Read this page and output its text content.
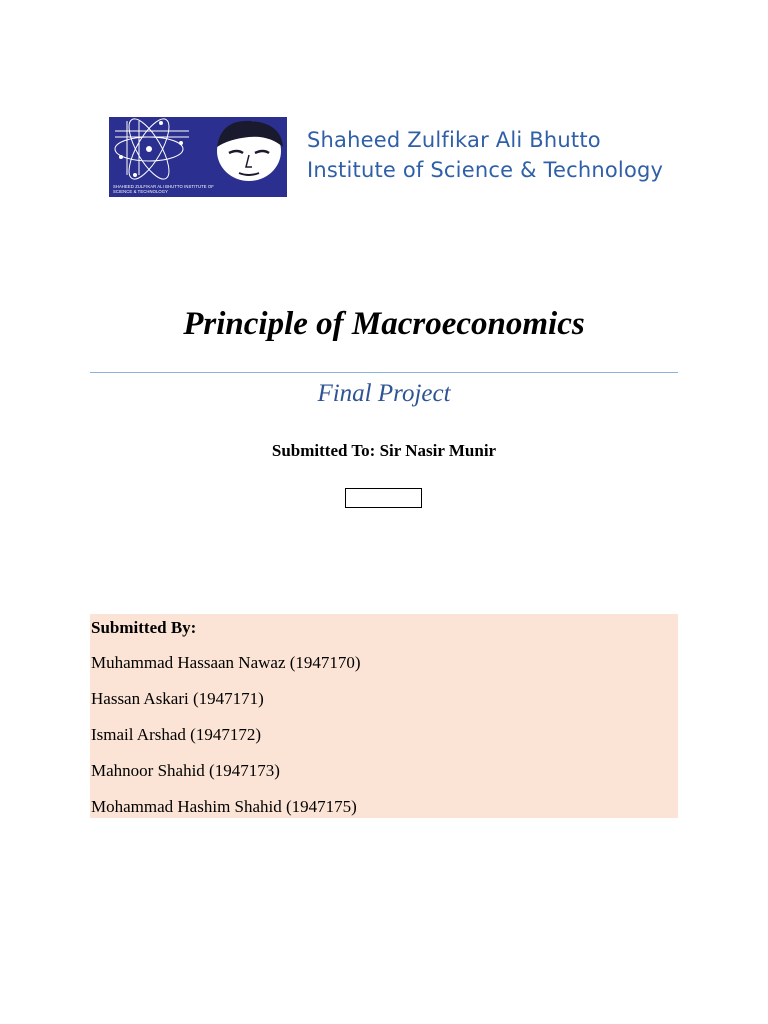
SHAHEED ZULFIKAR ALI BHUTTO INSTITUTE OF SCIENCE & TECHNOLOGY
Shaheed Zulfikar Ali Bhutto
Institute of Science & Technology
Principle of Macroeconomics
Final Project
Submitted To: Sir Nasir Munir
Submitted By:
Muhammad Hassaan Nawaz (1947170)
Hassan Askari (1947171)
Ismail Arshad (1947172)
Mahnoor Shahid (1947173)
Mohammad Hashim Shahid (1947175)
